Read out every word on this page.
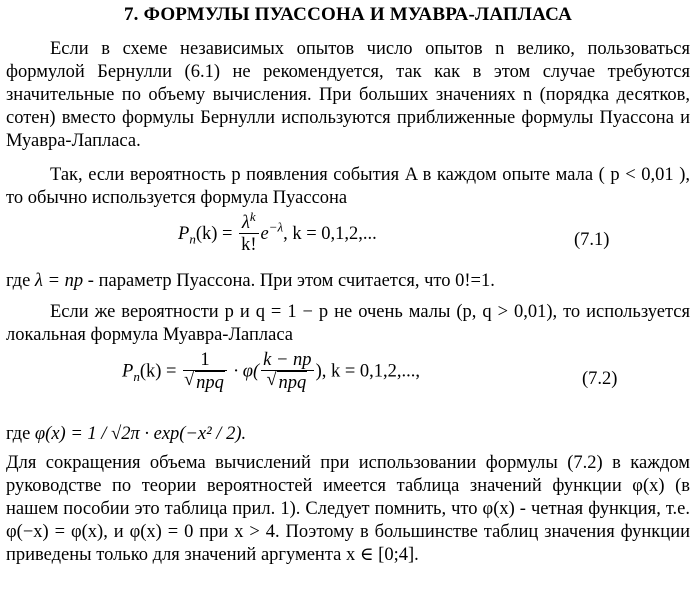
7. ФОРМУЛЫ ПУАССОНА И МУАВРА-ЛАПЛАСА
Если в схеме независимых опытов число опытов n велико, пользоваться формулой Бернулли (6.1) не рекомендуется, так как в этом случае требуются значительные по объему вычисления. При больших значениях n (порядка десятков, сотен) вместо формулы Бернулли используются приближенные формулы Пуассона и Муавра-Лапласа.
Так, если вероятность p появления события A в каждом опыте мала ( p < 0,01 ), то обычно используется формула Пуассона
$P_n(k) = \frac{\lambda^k}{k!} e^{-\lambda}$, k = 0,1,2,...	(7.1)
где λ = np - параметр Пуассона. При этом считается, что 0!=1.
Если же вероятности p и q = 1 − p не очень малы (p, q > 0,01), то используется локальная формула Муавра-Лапласа
$P_n(k) = 1$
√ npq · φ( k − np
√ npq ), k = 0,1,2,...,	(7.2)
где φ(x) = 1 / √2π · exp(−x² / 2).
Для сокращения объема вычислений при использовании формулы (7.2) в каждом руководстве по теории вероятностей имеется таблица значений функции φ(x) (в нашем пособии это таблица прил. 1). Следует помнить, что φ(x) - четная функция, т.е. φ(−x) = φ(x), и φ(x) = 0 при x > 4. Поэтому в большинстве таблиц значения функции приведены только для значений аргумента x ∈ [0;4].
